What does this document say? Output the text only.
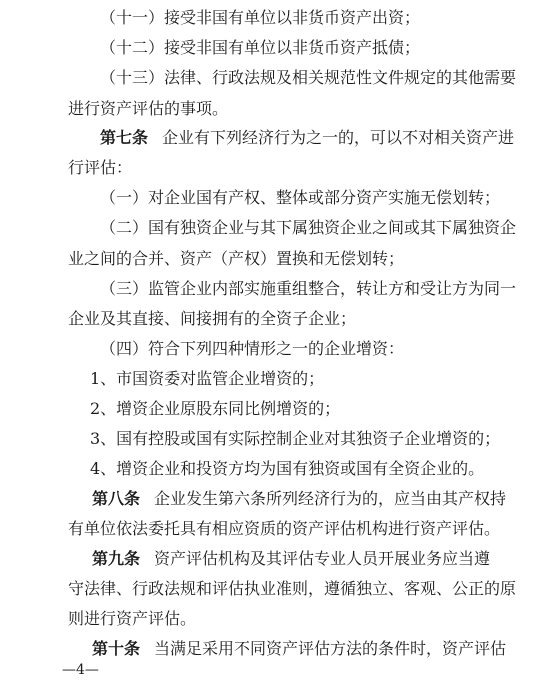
（十一）接受非国有单位以非货币资产出资；
（十二）接受非国有单位以非货币资产抵债；
（十三）法律、行政法规及相关规范性文件规定的其他需要
进行资产评估的事项。
第七条 企业有下列经济行为之一的，可以不对相关资产进
行评估：
（一）对企业国有产权、整体或部分资产实施无偿划转；
（二）国有独资企业与其下属独资企业之间或其下属独资企
业之间的合并、资产（产权）置换和无偿划转；
（三）监管企业内部实施重组整合，转让方和受让方为同一
企业及其直接、间接拥有的全资子企业；
（四）符合下列四种情形之一的企业增资：
1、市国资委对监管企业增资的；
2、增资企业原股东同比例增资的；
3、国有控股或国有实际控制企业对其独资子企业增资的；
4、增资企业和投资方均为国有独资或国有全资企业的。
第八条 企业发生第六条所列经济行为的，应当由其产权持
有单位依法委托具有相应资质的资产评估机构进行资产评估。
第九条 资产评估机构及其评估专业人员开展业务应当遵
守法律、行政法规和评估执业准则，遵循独立、客观、公正的原
则进行资产评估。
第十条 当满足采用不同资产评估方法的条件时，资产评估
—4—
